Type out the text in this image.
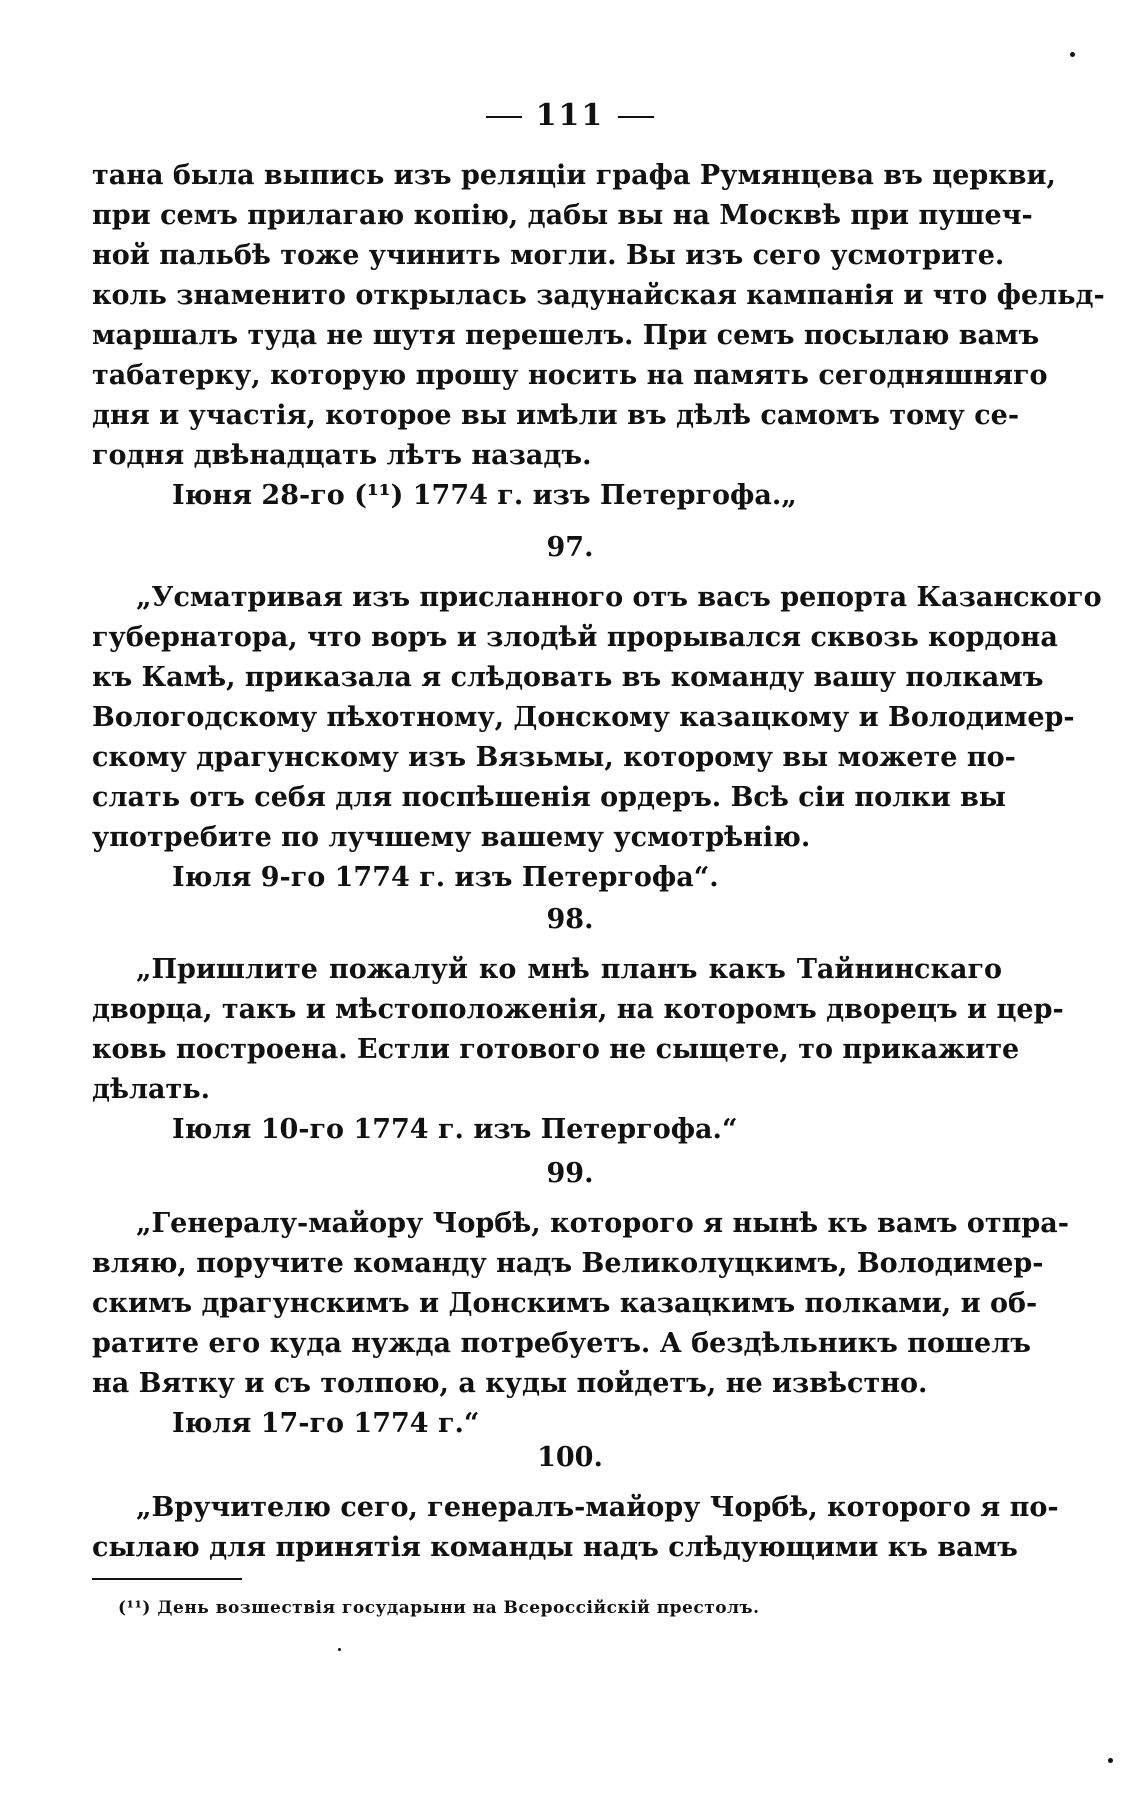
111
тана была выпись изъ реляцiи графа Румянцева въ церкви,
при семъ прилагаю копiю, дабы вы на Москвѣ при пушеч-
ной пальбѣ тоже учинить могли. Вы изъ сего усмотрите.
коль знаменито открылась задунайская кампанiя и что фельд-
маршалъ туда не шутя перешелъ. При семъ посылаю вамъ
табатерку, которую прошу носить на память сегодняшняго
дня и участiя, которое вы имѣли въ дѣлѣ самомъ тому се-
годня двѣнадцать лѣтъ назадъ.
Iюня 28-го (¹¹) 1774 г. изъ Петергофа.„
97.
„Усматривая изъ присланного отъ васъ репорта Казанского
губернатора, что воръ и злодѣй прорывался сквозь кордона
къ Камѣ, приказала я слѣдовать въ команду вашу полкамъ
Вологодскому пѣхотному, Донскому казацкому и Володимер-
скому драгунскому изъ Вязьмы, которому вы можете по-
слать отъ себя для поспѣшенiя ордеръ. Всѣ сiи полки вы
употребите по лучшему вашему усмотрѣнiю.
Iюля 9-го 1774 г. изъ Петергофа“.
98.
„Пришлите пожалуй ко мнѣ планъ какъ Тайнинскаго
дворца, такъ и мѣстоположенiя, на которомъ дворецъ и цер-
ковь построена. Естли готового не сыщете, то прикажите
дѣлать.
Iюля 10-го 1774 г. изъ Петергофа.“
99.
„Генералу-майору Чорбѣ, которого я нынѣ къ вамъ отпра-
вляю, поручите команду надъ Великолуцкимъ, Володимер-
скимъ драгунскимъ и Донскимъ казацкимъ полками, и об-
ратите его куда нужда потребуетъ. А бездѣльникъ пошелъ
на Вятку и съ толпою, а куды пойдетъ, не извѣстно.
Iюля 17-го 1774 г.“
100.
„Вручителю сего, генералъ-майору Чорбѣ, которого я по-
сылаю для принятiя команды надъ слѣдующими къ вамъ
(¹¹) День возшествiя государыни на Всероссiйскiй престолъ.
